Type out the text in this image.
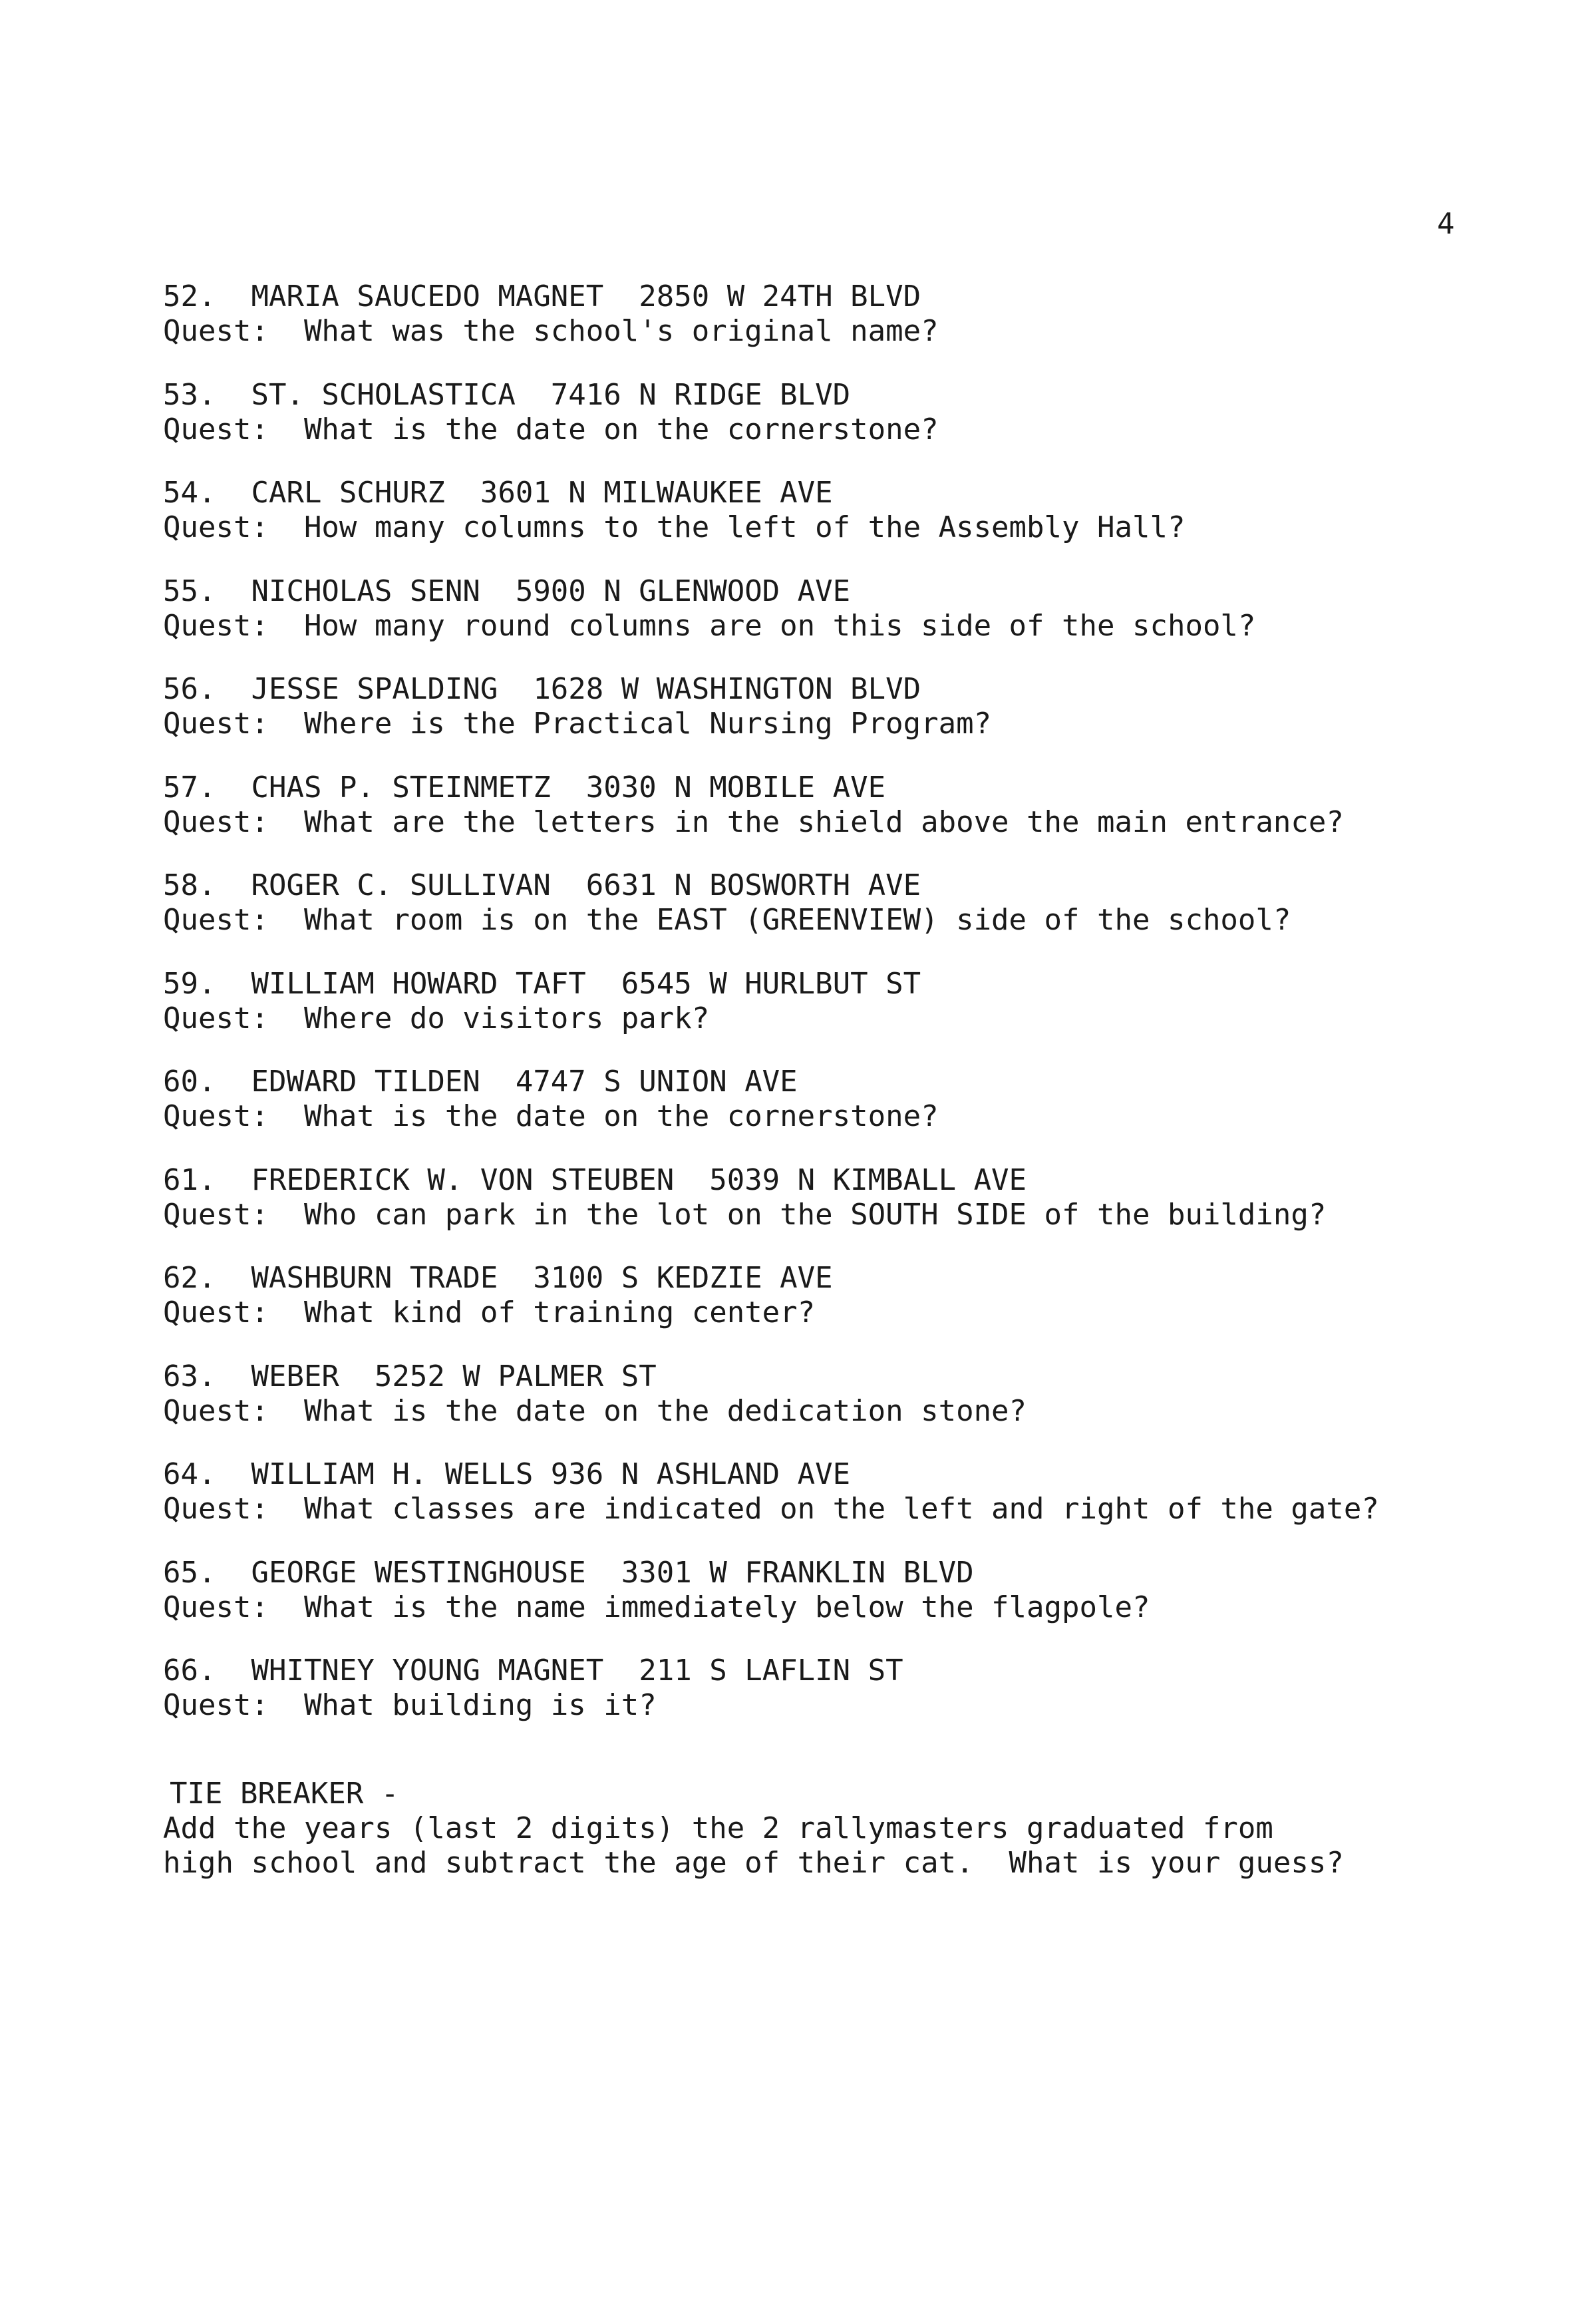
4
52. MARIA SAUCEDO MAGNET  2850 W 24TH BLVD
Quest: What was the school's original name?
53. ST. SCHOLASTICA  7416 N RIDGE BLVD
Quest: What is the date on the cornerstone?
54. CARL SCHURZ  3601 N MILWAUKEE AVE
Quest: How many columns to the left of the Assembly Hall?
55. NICHOLAS SENN  5900 N GLENWOOD AVE
Quest: How many round columns are on this side of the school?
56. JESSE SPALDING  1628 W WASHINGTON BLVD
Quest: Where is the Practical Nursing Program?
57. CHAS P. STEINMETZ  3030 N MOBILE AVE
Quest: What are the letters in the shield above the main entrance?
58. ROGER C. SULLIVAN  6631 N BOSWORTH AVE
Quest: What room is on the EAST (GREENVIEW) side of the school?
59. WILLIAM HOWARD TAFT  6545 W HURLBUT ST
Quest: Where do visitors park?
60. EDWARD TILDEN  4747 S UNION AVE
Quest: What is the date on the cornerstone?
61. FREDERICK W. VON STEUBEN  5039 N KIMBALL AVE
Quest: Who can park in the lot on the SOUTH SIDE of the building?
62. WASHBURN TRADE  3100 S KEDZIE AVE
Quest: What kind of training center?
63. WEBER  5252 W PALMER ST
Quest: What is the date on the dedication stone?
64. WILLIAM H. WELLS 936 N ASHLAND AVE
Quest: What classes are indicated on the left and right of the gate?
65. GEORGE WESTINGHOUSE  3301 W FRANKLIN BLVD
Quest: What is the name immediately below the flagpole?
66. WHITNEY YOUNG MAGNET  211 S LAFLIN ST
Quest: What building is it?
TIE BREAKER -
Add the years (last 2 digits) the 2 rallymasters graduated from
high school and subtract the age of their cat.  What is your guess?
